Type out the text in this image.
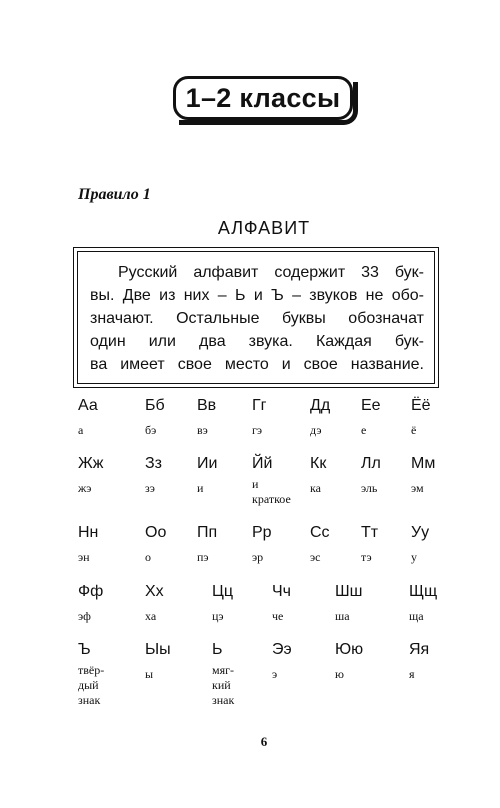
1–2 классы
Правило 1
АЛФАВИТ
Русский алфавит содержит 33 бук-
вы. Две из них – Ь и Ъ – звуков не обо-
значают. Остальные буквы обозначат
один или два звука. Каждая бук-
ва имеет свое место и свое название.
Аа
а
Бб
бэ
Вв
вэ
Гг
гэ
Дд
дэ
Ее
е
Ёё
ё
Жж
жэ
Зз
зэ
Ии
и
Йй
и
краткое
Кк
ка
Лл
эль
Мм
эм
Нн
эн
Оо
о
Пп
пэ
Рр
эр
Сс
эс
Тт
тэ
Уу
у
Фф
эф
Хх
ха
Цц
цэ
Чч
че
Шш
ша
Щщ
ща
Ъ
твёр-
дый
знак
Ыы
ы
Ь
мяг-
кий
знак
Ээ
э
Юю
ю
Яя
я
6
